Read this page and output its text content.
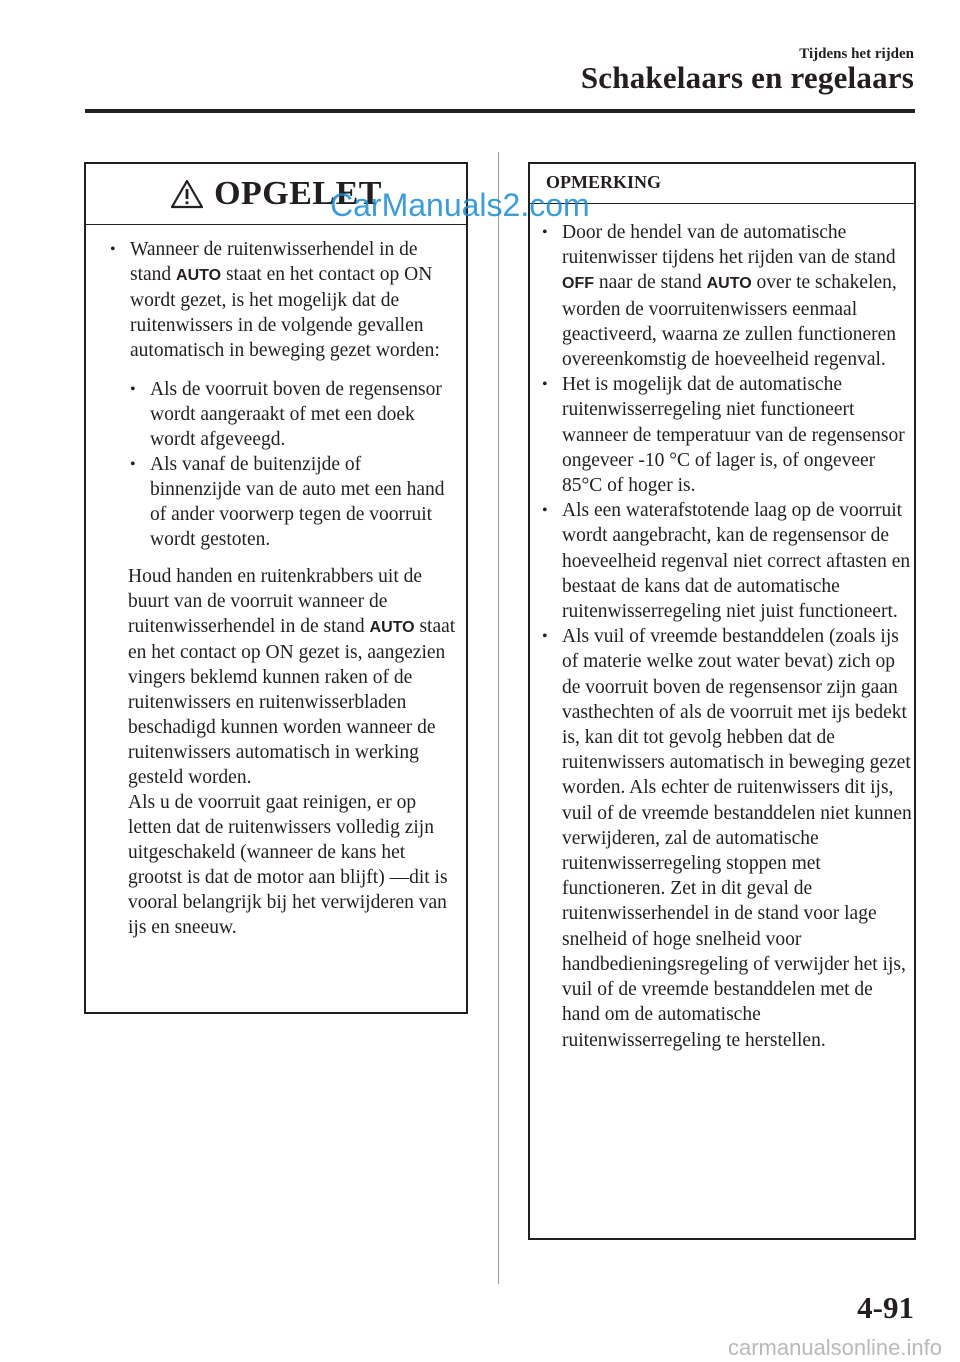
Tijdens het rijden
Schakelaars en regelaars
OPGELET
• Wanneer de ruitenwisserhendel in de
stand AUTO staat en het contact op ON wordt gezet, is het mogelijk dat de ruitenwissers in de volgende gevallen automatisch in beweging gezet worden:
• Als de voorruit boven de regensensor wordt aangeraakt of met een doek wordt afgeveegd.
• Als vanaf de buitenzijde of binnenzijde van de auto met een hand of ander voorwerp tegen de voorruit wordt gestoten.
Houd handen en ruitenkrabbers uit de buurt van de voorruit wanneer de ruitenwisserhendel in de stand AUTO staat en het contact op ON gezet is, aangezien vingers beklemd kunnen raken of de ruitenwissers en ruitenwisserbladen beschadigd kunnen worden wanneer de ruitenwissers automatisch in werking gesteld worden.
Als u de voorruit gaat reinigen, er op letten dat de ruitenwissers volledig zijn uitgeschakeld (wanneer de kans het grootst is dat de motor aan blijft) —dit is vooral belangrijk bij het verwijderen van ijs en sneeuw.
OPMERKING
• Door de hendel van de automatische ruitenwisser tijdens het rijden van de stand OFF naar de stand AUTO over te schakelen, worden de voorruitenwissers eenmaal geactiveerd, waarna ze zullen functioneren overeenkomstig de hoeveelheid regenval.
• Het is mogelijk dat de automatische ruitenwisserregeling niet functioneert wanneer de temperatuur van de regensensor ongeveer -10 °C of lager is, of ongeveer 85°C of hoger is.
• Als een waterafstotende laag op de voorruit wordt aangebracht, kan de regensensor de hoeveelheid regenval niet correct aftasten en bestaat de kans dat de automatische ruitenwisserregeling niet juist functioneert.
• Als vuil of vreemde bestanddelen (zoals ijs of materie welke zout water bevat) zich op de voorruit boven de regensensor zijn gaan vasthechten of als de voorruit met ijs bedekt is, kan dit tot gevolg hebben dat de ruitenwissers automatisch in beweging gezet worden. Als echter de ruitenwissers dit ijs, vuil of de vreemde bestanddelen niet kunnen verwijderen, zal de automatische ruitenwisserregeling stoppen met functioneren. Zet in dit geval de ruitenwisserhendel in de stand voor lage snelheid of hoge snelheid voor handbedieningsregeling of verwijder het ijs, vuil of de vreemde bestanddelen met de hand om de automatische ruitenwisserregeling te herstellen.
4-91
CarManuals2.com
carmanualsonline.info
